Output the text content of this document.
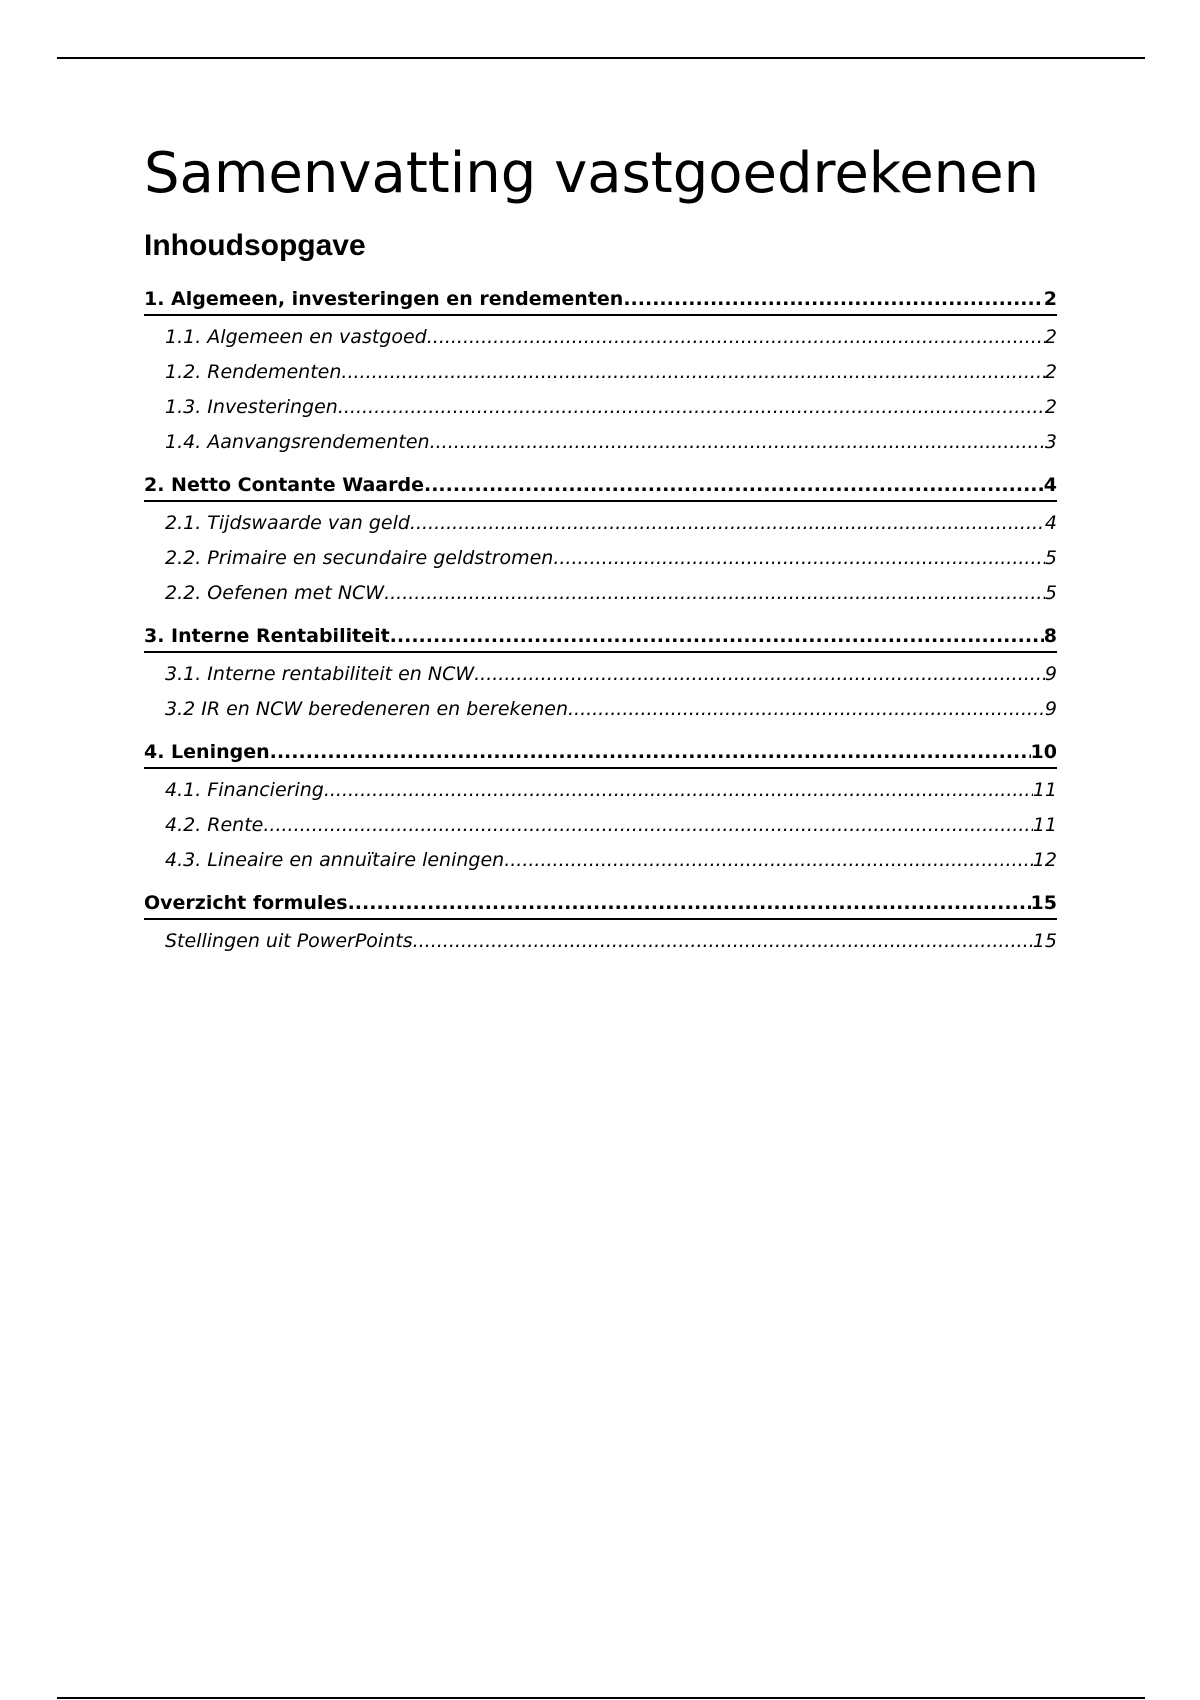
Samenvatting vastgoedrekenen
Inhoudsopgave
1. Algemeen, investeringen en rendementen .....	2
1.1. Algemeen en vastgoed .....	2
1.2. Rendementen .....	2
1.3. Investeringen .....	2
1.4. Aanvangsrendementen .....	3
2. Netto Contante Waarde .....	4
2.1. Tijdswaarde van geld .....	4
2.2. Primaire en secundaire geldstromen .....	5
2.2. Oefenen met NCW .....	5
3. Interne Rentabiliteit .....	8
3.1. Interne rentabiliteit en NCW .....	9
3.2 IR en NCW beredeneren en berekenen .....	9
4. Leningen .....	10
4.1. Financiering .....	11
4.2. Rente .....	11
4.3. Lineaire en annuïtaire leningen .....	12
Overzicht formules .....	15
Stellingen uit PowerPoints .....	15
